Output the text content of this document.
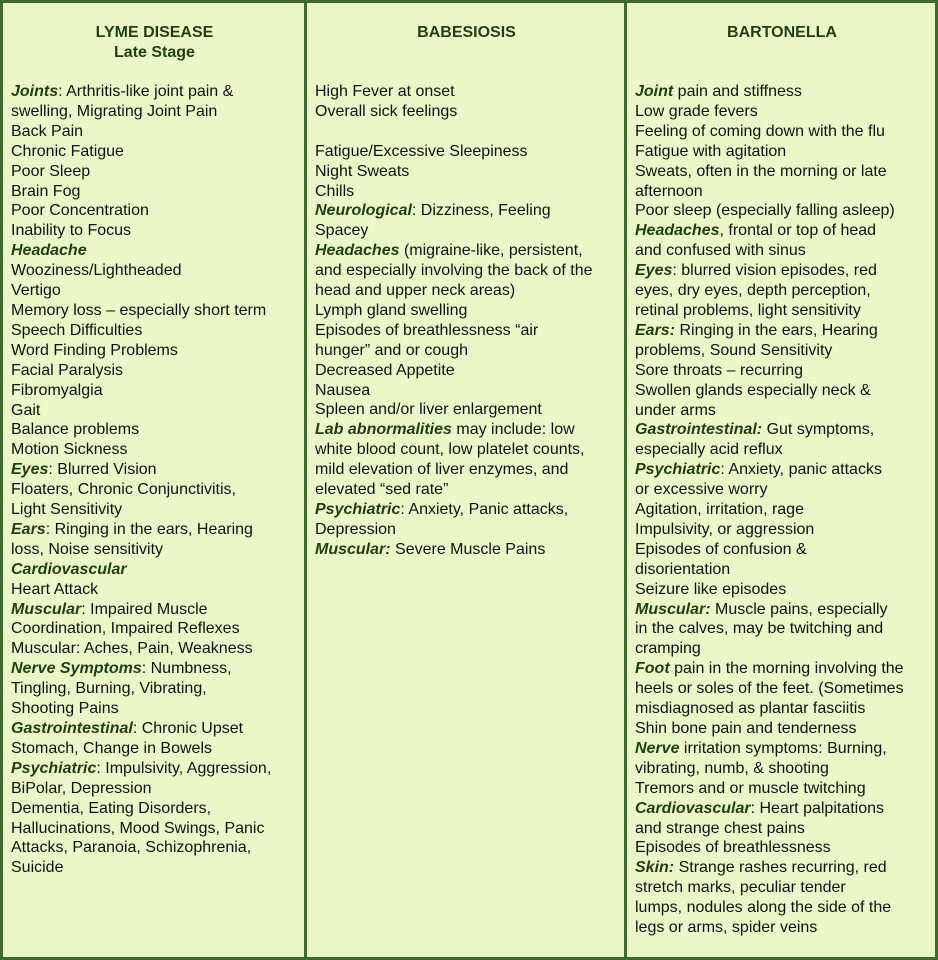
LYME DISEASE
Late Stage
Joints: Arthritis-like joint pain &
swelling, Migrating Joint Pain
Back Pain
Chronic Fatigue
Poor Sleep
Brain Fog
Poor Concentration
Inability to Focus
Headache
Wooziness/Lightheaded
Vertigo
Memory loss – especially short term
Speech Difficulties
Word Finding Problems
Facial Paralysis
Fibromyalgia
Gait
Balance problems
Motion Sickness
Eyes: Blurred Vision
Floaters, Chronic Conjunctivitis,
Light Sensitivity
Ears: Ringing in the ears, Hearing
loss, Noise sensitivity
Cardiovascular
Heart Attack
Muscular: Impaired Muscle
Coordination, Impaired Reflexes
Muscular: Aches, Pain, Weakness
Nerve Symptoms: Numbness,
Tingling, Burning, Vibrating,
Shooting Pains
Gastrointestinal: Chronic Upset
Stomach, Change in Bowels
Psychiatric: Impulsivity, Aggression,
BiPolar, Depression
Dementia, Eating Disorders,
Hallucinations, Mood Swings, Panic
Attacks, Paranoia, Schizophrenia,
Suicide
BABESIOSIS
High Fever at onset
Overall sick feelings
Fatigue/Excessive Sleepiness
Night Sweats
Chills
Neurological: Dizziness, Feeling
Spacey
Headaches (migraine-like, persistent,
and especially involving the back of the
head and upper neck areas)
Lymph gland swelling
Episodes of breathlessness “air
hunger” and or cough
Decreased Appetite
Nausea
Spleen and/or liver enlargement
Lab abnormalities may include: low
white blood count, low platelet counts,
mild elevation of liver enzymes, and
elevated “sed rate”
Psychiatric: Anxiety, Panic attacks,
Depression
Muscular: Severe Muscle Pains
BARTONELLA
Joint pain and stiffness
Low grade fevers
Feeling of coming down with the flu
Fatigue with agitation
Sweats, often in the morning or late
afternoon
Poor sleep (especially falling asleep)
Headaches, frontal or top of head
and confused with sinus
Eyes: blurred vision episodes, red
eyes, dry eyes, depth perception,
retinal problems, light sensitivity
Ears: Ringing in the ears, Hearing
problems, Sound Sensitivity
Sore throats – recurring
Swollen glands especially neck &
under arms
Gastrointestinal: Gut symptoms,
especially acid reflux
Psychiatric: Anxiety, panic attacks
or excessive worry
Agitation, irritation, rage
Impulsivity, or aggression
Episodes of confusion &
disorientation
Seizure like episodes
Muscular: Muscle pains, especially
in the calves, may be twitching and
cramping
Foot pain in the morning involving the
heels or soles of the feet. (Sometimes
misdiagnosed as plantar fasciitis
Shin bone pain and tenderness
Nerve irritation symptoms: Burning,
vibrating, numb, & shooting
Tremors and or muscle twitching
Cardiovascular: Heart palpitations
and strange chest pains
Episodes of breathlessness
Skin: Strange rashes recurring, red
stretch marks, peculiar tender
lumps, nodules along the side of the
legs or arms, spider veins
